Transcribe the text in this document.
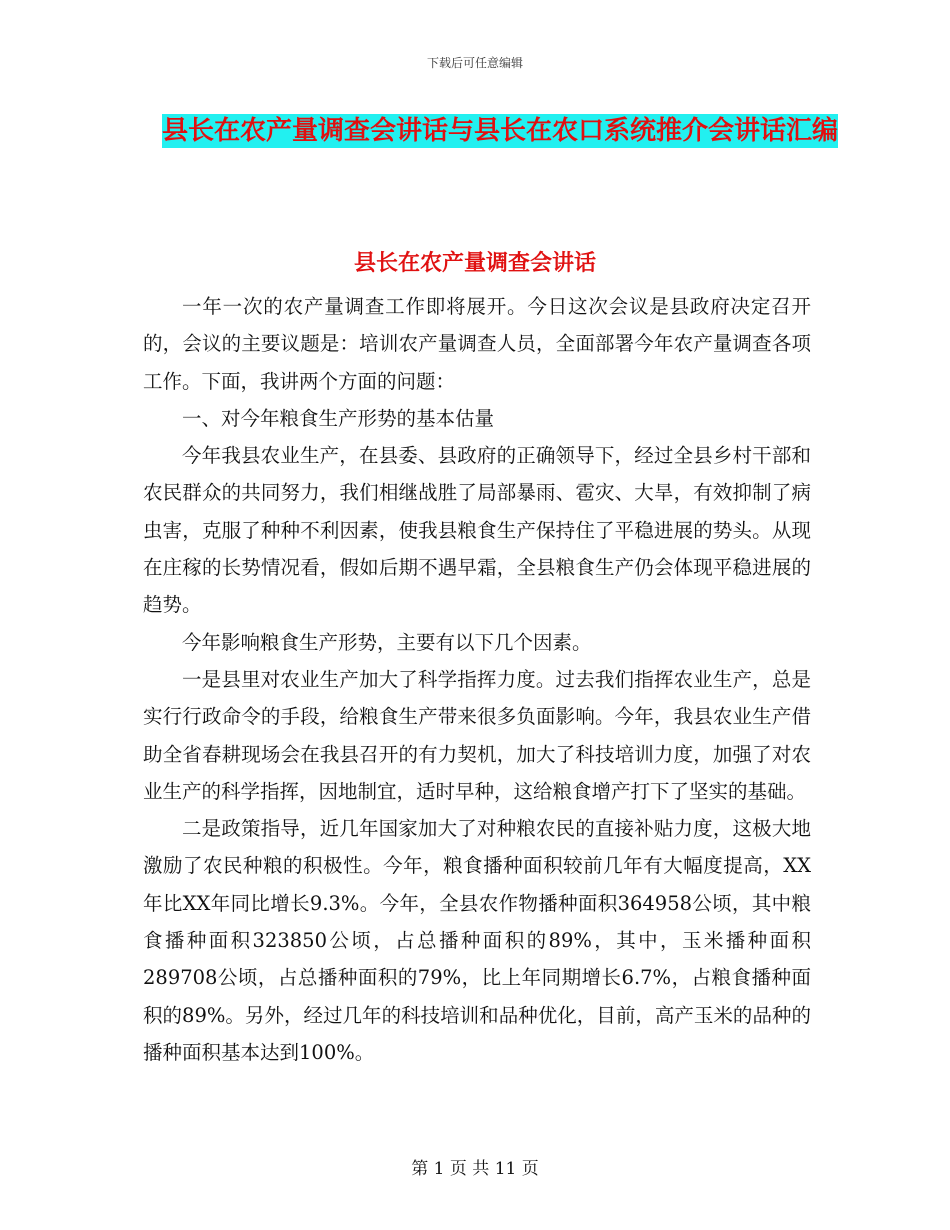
下载后可任意编辑
县长在农产量调查会讲话与县长在农口系统推介会讲话汇编
县长在农产量调查会讲话

一年一次的农产量调查工作即将展开。今日这次会议是县政府决定召开的，会议的主要议题是：培训农产量调查人员，全面部署今年农产量调查各项工作。下面，我讲两个方面的问题：

一、对今年粮食生产形势的基本估量

今年我县农业生产，在县委、县政府的正确领导下，经过全县乡村干部和农民群众的共同努力，我们相继战胜了局部暴雨、雹灾、大旱，有效抑制了病虫害，克服了种种不利因素，使我县粮食生产保持住了平稳进展的势头。从现在庄稼的长势情况看，假如后期不遇早霜，全县粮食生产仍会体现平稳进展的趋势。

今年影响粮食生产形势，主要有以下几个因素。

一是县里对农业生产加大了科学指挥力度。过去我们指挥农业生产，总是实行行政命令的手段，给粮食生产带来很多负面影响。今年，我县农业生产借助全省春耕现场会在我县召开的有力契机，加大了科技培训力度，加强了对农业生产的科学指挥，因地制宜，适时早种，这给粮食增产打下了坚实的基础。

二是政策指导，近几年国家加大了对种粮农民的直接补贴力度，这极大地激励了农民种粮的积极性。今年，粮食播种面积较前几年有大幅度提高，XX年比XX年同比增长9.3%。今年，全县农作物播种面积364958公顷，其中粮食播种面积323850公顷，占总播种面积的89%，其中，玉米播种面积289708公顷，占总播种面积的79%，比上年同期增长6.7%，占粮食播种面积的89%。另外，经过几年的科技培训和品种优化，目前，高产玉米的品种的播种面积基本达到100%。

第 1 页 共 11 页
